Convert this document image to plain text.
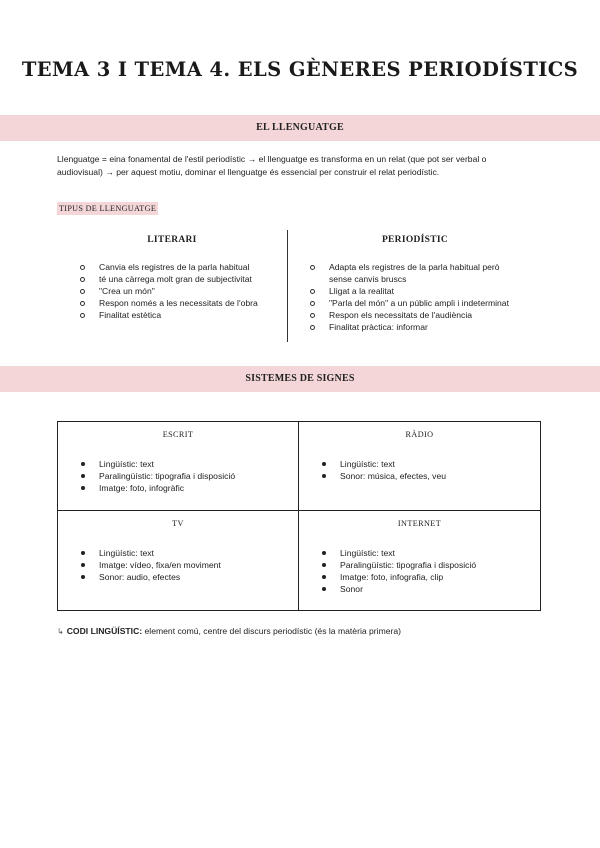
TEMA 3 I TEMA 4. ELS GÈNERES PERIODÍSTICS
EL LLENGUATGE
Llenguatge = eina fonamental de l'estil periodístic → el llenguatge es transforma en un relat (que pot ser verbal o
audiovisual) → per aquest motiu, dominar el llenguatge és essencial per construir el relat periodístic.
TIPUS DE LLENGUATGE
LITERARI	PERIODÍSTIC
Canvia els registres de la parla habitual
té una càrrega molt gran de subjectivitat
"Crea un món"
Respon només a les necessitats de l'obra
Finalitat estètica
Adapta els registres de la parla habitual però
sense canvis bruscs
Lligat a la realitat
"Parla del món" a un públic ampli i indeterminat
Respon els necessitats de l'audiència
Finalitat pràctica: informar
SISTEMES DE SIGNES
ESCRIT
Lingüístic: text
Paralingüístic: tipografia i disposició
Imatge: foto, infogràfic
RÀDIO
Lingüístic: text
Sonor: música, efectes, veu
TV
Lingüístic: text
Imatge: vídeo, fixa/en moviment
Sonor: audio, efectes
INTERNET
Lingüístic: text
Paralingüístic: tipografia i disposició
Imatge: foto, infografia, clip
Sonor
↳ CODI LINGÜÍSTIC: element comú, centre del discurs periodístic (és la matèria primera)
